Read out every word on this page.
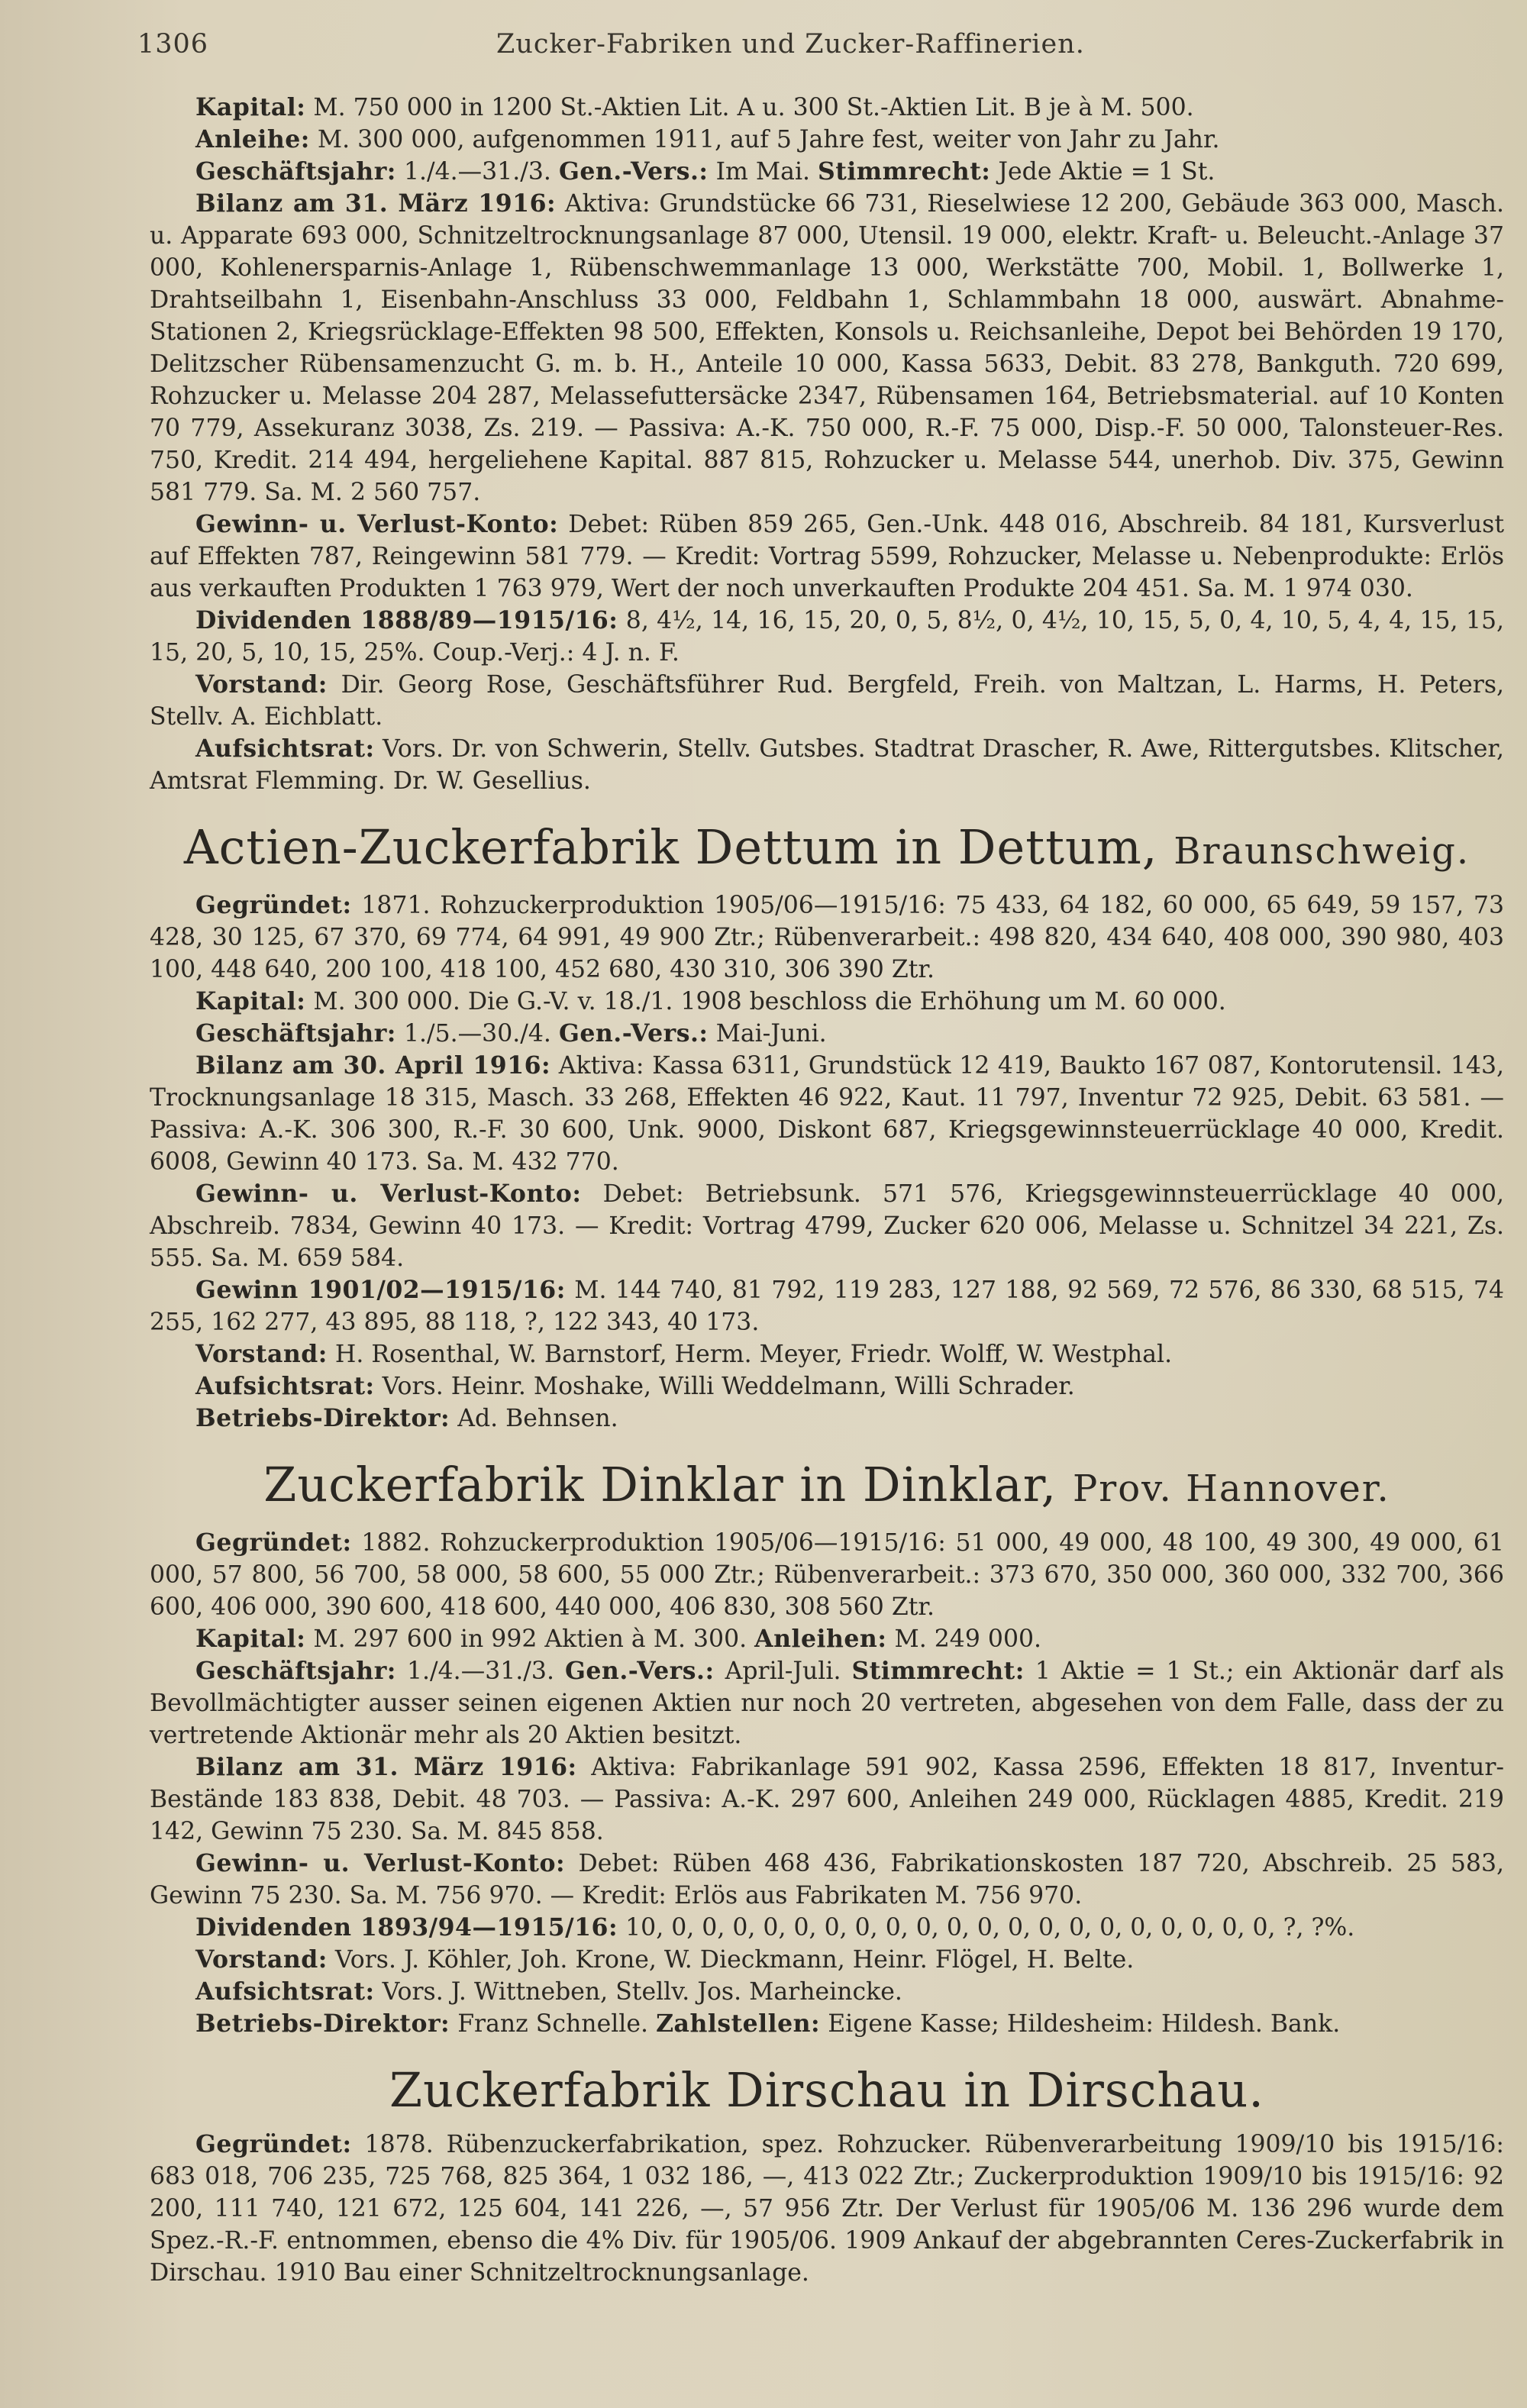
1306	Zucker-Fabriken und Zucker-Raffinerien.

Kapital: M. 750 000 in 1200 St.-Aktien Lit. A u. 300 St.-Aktien Lit. B je à M. 500.

Anleihe: M. 300 000, aufgenommen 1911, auf 5 Jahre fest, weiter von Jahr zu Jahr.

Geschäftsjahr: 1./4.—31./3. Gen.-Vers.: Im Mai. Stimmrecht: Jede Aktie = 1 St.

Bilanz am 31. März 1916: Aktiva: Grundstücke 66 731, Rieselwiese 12 200, Gebäude 363 000, Masch. u. Apparate 693 000, Schnitzeltrocknungsanlage 87 000, Utensil. 19 000, elektr. Kraft- u. Beleucht.-Anlage 37 000, Kohlenersparnis-Anlage 1, Rübenschwemmanlage 13 000, Werkstätte 700, Mobil. 1, Bollwerke 1, Drahtseilbahn 1, Eisenbahn-Anschluss 33 000, Feldbahn 1, Schlammbahn 18 000, auswärt. Abnahme-Stationen 2, Kriegsrücklage-Effekten 98 500, Effekten, Konsols u. Reichsanleihe, Depot bei Behörden 19 170, Delitzscher Rübensamenzucht G. m. b. H., Anteile 10 000, Kassa 5633, Debit. 83 278, Bankguth. 720 699, Rohzucker u. Melasse 204 287, Melassefuttersäcke 2347, Rübensamen 164, Betriebsmaterial. auf 10 Konten 70 779, Assekuranz 3038, Zs. 219. — Passiva: A.-K. 750 000, R.-F. 75 000, Disp.-F. 50 000, Talonsteuer-Res. 750, Kredit. 214 494, hergeliehene Kapital. 887 815, Rohzucker u. Melasse 544, unerhob. Div. 375, Gewinn 581 779. Sa. M. 2 560 757.

Gewinn- u. Verlust-Konto: Debet: Rüben 859 265, Gen.-Unk. 448 016, Abschreib. 84 181, Kursverlust auf Effekten 787, Reingewinn 581 779. — Kredit: Vortrag 5599, Rohzucker, Melasse u. Nebenprodukte: Erlös aus verkauften Produkten 1 763 979, Wert der noch unverkauften Produkte 204 451. Sa. M. 1 974 030.

Dividenden 1888/89—1915/16: 8, 4½, 14, 16, 15, 20, 0, 5, 8½, 0, 4½, 10, 15, 5, 0, 4, 10, 5, 4, 4, 15, 15, 15, 20, 5, 10, 15, 25%. Coup.-Verj.: 4 J. n. F.

Vorstand: Dir. Georg Rose, Geschäftsführer Rud. Bergfeld, Freih. von Maltzan, L. Harms, H. Peters, Stellv. A. Eichblatt.

Aufsichtsrat: Vors. Dr. von Schwerin, Stellv. Gutsbes. Stadtrat Drascher, R. Awe, Rittergutsbes. Klitscher, Amtsrat Flemming. Dr. W. Gesellius.

Actien-Zuckerfabrik Dettum in Dettum, Braunschweig.

Gegründet: 1871. Rohzuckerproduktion 1905/06—1915/16: 75 433, 64 182, 60 000, 65 649, 59 157, 73 428, 30 125, 67 370, 69 774, 64 991, 49 900 Ztr.; Rübenverarbeit.: 498 820, 434 640, 408 000, 390 980, 403 100, 448 640, 200 100, 418 100, 452 680, 430 310, 306 390 Ztr.

Kapital: M. 300 000. Die G.-V. v. 18./1. 1908 beschloss die Erhöhung um M. 60 000.

Geschäftsjahr: 1./5.—30./4. Gen.-Vers.: Mai-Juni.

Bilanz am 30. April 1916: Aktiva: Kassa 6311, Grundstück 12 419, Baukto 167 087, Kontorutensil. 143, Trocknungsanlage 18 315, Masch. 33 268, Effekten 46 922, Kaut. 11 797, Inventur 72 925, Debit. 63 581. — Passiva: A.-K. 306 300, R.-F. 30 600, Unk. 9000, Diskont 687, Kriegsgewinnsteuerrücklage 40 000, Kredit. 6008, Gewinn 40 173. Sa. M. 432 770.

Gewinn- u. Verlust-Konto: Debet: Betriebsunk. 571 576, Kriegsgewinnsteuerrücklage 40 000, Abschreib. 7834, Gewinn 40 173. — Kredit: Vortrag 4799, Zucker 620 006, Melasse u. Schnitzel 34 221, Zs. 555. Sa. M. 659 584.

Gewinn 1901/02—1915/16: M. 144 740, 81 792, 119 283, 127 188, 92 569, 72 576, 86 330, 68 515, 74 255, 162 277, 43 895, 88 118, ?, 122 343, 40 173.

Vorstand: H. Rosenthal, W. Barnstorf, Herm. Meyer, Friedr. Wolff, W. Westphal.

Aufsichtsrat: Vors. Heinr. Moshake, Willi Weddelmann, Willi Schrader.

Betriebs-Direktor: Ad. Behnsen.

Zuckerfabrik Dinklar in Dinklar, Prov. Hannover.

Gegründet: 1882. Rohzuckerproduktion 1905/06—1915/16: 51 000, 49 000, 48 100, 49 300, 49 000, 61 000, 57 800, 56 700, 58 000, 58 600, 55 000 Ztr.; Rübenverarbeit.: 373 670, 350 000, 360 000, 332 700, 366 600, 406 000, 390 600, 418 600, 440 000, 406 830, 308 560 Ztr.

Kapital: M. 297 600 in 992 Aktien à M. 300. Anleihen: M. 249 000.

Geschäftsjahr: 1./4.—31./3. Gen.-Vers.: April-Juli. Stimmrecht: 1 Aktie = 1 St.; ein Aktionär darf als Bevollmächtigter ausser seinen eigenen Aktien nur noch 20 vertreten, abgesehen von dem Falle, dass der zu vertretende Aktionär mehr als 20 Aktien besitzt.

Bilanz am 31. März 1916: Aktiva: Fabrikanlage 591 902, Kassa 2596, Effekten 18 817, Inventur-Bestände 183 838, Debit. 48 703. — Passiva: A.-K. 297 600, Anleihen 249 000, Rücklagen 4885, Kredit. 219 142, Gewinn 75 230. Sa. M. 845 858.

Gewinn- u. Verlust-Konto: Debet: Rüben 468 436, Fabrikationskosten 187 720, Abschreib. 25 583, Gewinn 75 230. Sa. M. 756 970. — Kredit: Erlös aus Fabrikaten M. 756 970.

Dividenden 1893/94—1915/16: 10, 0, 0, 0, 0, 0, 0, 0, 0, 0, 0, 0, 0, 0, 0, 0, 0, 0, 0, 0, 0, ?, ?%.

Vorstand: Vors. J. Köhler, Joh. Krone, W. Dieckmann, Heinr. Flögel, H. Belte.

Aufsichtsrat: Vors. J. Wittneben, Stellv. Jos. Marheincke.

Betriebs-Direktor: Franz Schnelle. Zahlstellen: Eigene Kasse; Hildesheim: Hildesh. Bank.

Zuckerfabrik Dirschau in Dirschau.

Gegründet: 1878. Rübenzuckerfabrikation, spez. Rohzucker. Rübenverarbeitung 1909/10 bis 1915/16: 683 018, 706 235, 725 768, 825 364, 1 032 186, —, 413 022 Ztr.; Zuckerproduktion 1909/10 bis 1915/16: 92 200, 111 740, 121 672, 125 604, 141 226, —, 57 956 Ztr. Der Verlust für 1905/06 M. 136 296 wurde dem Spez.-R.-F. entnommen, ebenso die 4% Div. für 1905/06. 1909 Ankauf der abgebrannten Ceres-Zuckerfabrik in Dirschau. 1910 Bau einer Schnitzeltrocknungsanlage.
